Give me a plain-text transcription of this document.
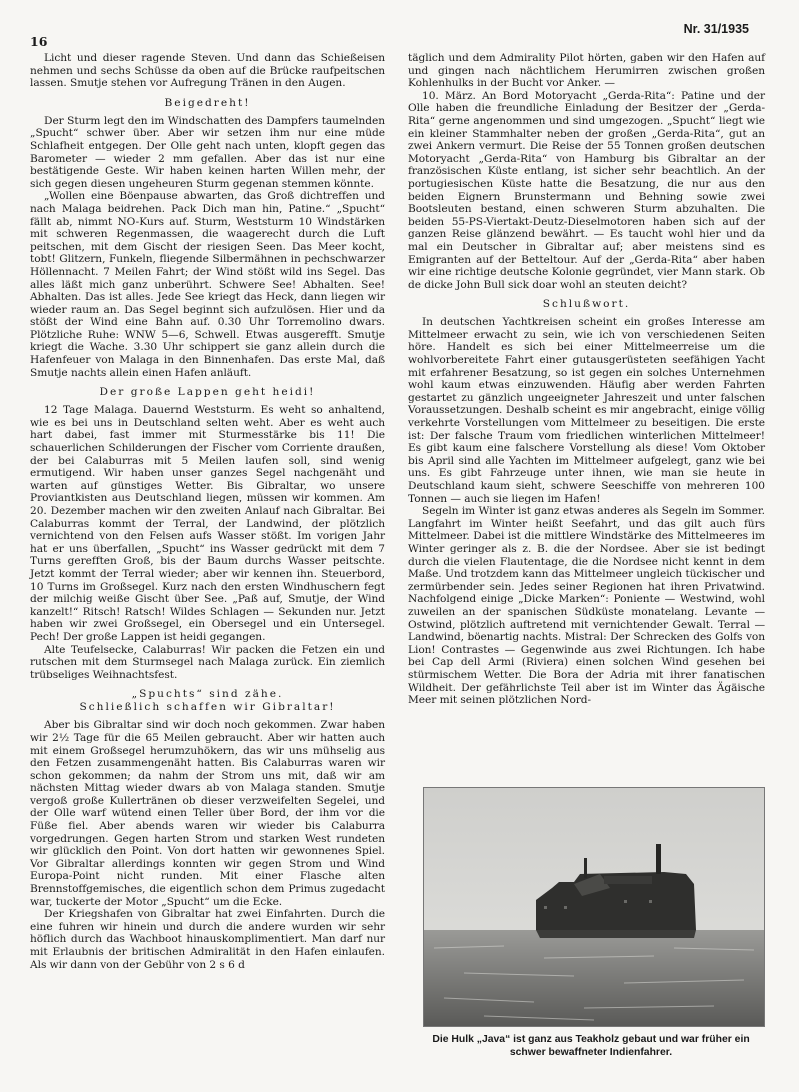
16
Nr. 31/1935

Licht und dieser ragende Steven. Und dann das Schießeisen nehmen und sechs Schüsse da oben auf die Brücke raufpeitschen lassen. Smutje stehen vor Aufregung Tränen in den Augen.

Beigedreht!

Der Sturm legt den im Windschatten des Dampfers taumelnden „Spucht“ schwer über. Aber wir setzen ihm nur eine müde Schlafheit entgegen. Der Olle geht nach unten, klopft gegen das Barometer — wieder 2 mm gefallen. Aber das ist nur eine bestätigende Geste. Wir haben keinen harten Willen mehr, der sich gegen diesen ungeheuren Sturm gegenan stemmen könnte.

„Wollen eine Böenpause abwarten, das Groß dichtreffen und nach Malaga beidrehen. Pack Dich man hin, Patine.“ „Spucht“ fällt ab, nimmt NO-Kurs auf. Sturm, Weststurm 10 Windstärken mit schweren Regenmassen, die waagerecht durch die Luft peitschen, mit dem Gischt der riesigen Seen. Das Meer kocht, tobt! Glitzern, Funkeln, fliegende Silbermähnen in pechschwarzer Höllennacht. 7 Meilen Fahrt; der Wind stößt wild ins Segel. Das alles läßt mich ganz unberührt. Schwere See! Abhalten. See! Abhalten. Das ist alles. Jede See kriegt das Heck, dann liegen wir wieder raum an. Das Segel beginnt sich aufzulösen. Hier und da stößt der Wind eine Bahn auf. 0.30 Uhr Torremolino dwars. Plötzliche Ruhe: WNW 5—6, Schwell. Etwas ausgerefft. Smutje kriegt die Wache. 3.30 Uhr schippert sie ganz allein durch die Hafenfeuer von Malaga in den Binnenhafen. Das erste Mal, daß Smutje nachts allein einen Hafen anläuft.

Der große Lappen geht heidi!

12 Tage Malaga. Dauernd Weststurm. Es weht so anhaltend, wie es bei uns in Deutschland selten weht. Aber es weht auch hart dabei, fast immer mit Sturmesstärke bis 11! Die schauerlichen Schilderungen der Fischer vom Corriente draußen, der bei Calaburras mit 5 Meilen laufen soll, sind wenig ermutigend. Wir haben unser ganzes Segel nachgenäht und warten auf günstiges Wetter. Bis Gibraltar, wo unsere Proviantkisten aus Deutschland liegen, müssen wir kommen. Am 20. Dezember machen wir den zweiten Anlauf nach Gibraltar. Bei Calaburras kommt der Terral, der Landwind, der plötzlich vernichtend von den Felsen aufs Wasser stößt. Im vorigen Jahr hat er uns überfallen, „Spucht“ ins Wasser gedrückt mit dem 7 Turns gerefften Groß, bis der Baum durchs Wasser peitschte. Jetzt kommt der Terral wieder; aber wir kennen ihn. Steuerbord, 10 Turns im Großsegel. Kurz nach den ersten Windhuschern fegt der milchig weiße Gischt über See. „Paß auf, Smutje, der Wind kanzelt!“ Ritsch! Ratsch! Wildes Schlagen — Sekunden nur. Jetzt haben wir zwei Großsegel, ein Obersegel und ein Untersegel. Pech! Der große Lappen ist heidi gegangen.

Alte Teufelsecke, Calaburras! Wir packen die Fetzen ein und rutschen mit dem Sturmsegel nach Malaga zurück. Ein ziemlich trübseliges Weihnachtsfest.

„Spuchts“ sind zähe.
Schließlich schaffen wir Gibraltar!

Aber bis Gibraltar sind wir doch noch gekommen. Zwar haben wir 2½ Tage für die 65 Meilen gebraucht. Aber wir hatten auch mit einem Großsegel herumzuhökern, das wir uns mühselig aus den Fetzen zusammengenäht hatten. Bis Calaburras waren wir schon gekommen; da nahm der Strom uns mit, daß wir am nächsten Mittag wieder dwars ab von Malaga standen. Smutje vergoß große Kullertränen ob dieser verzweifelten Segelei, und der Olle warf wütend einen Teller über Bord, der ihm vor die Füße fiel. Aber abends waren wir wieder bis Calaburra vorgedrungen. Gegen harten Strom und starken West rundeten wir glücklich den Point. Von dort hatten wir gewonnenes Spiel. Vor Gibraltar allerdings konnten wir gegen Strom und Wind Europa-Point nicht runden. Mit einer Flasche alten Brennstoffgemisches, die eigentlich schon dem Primus zugedacht war, tuckerte der Motor „Spucht“ um die Ecke.

Der Kriegshafen von Gibraltar hat zwei Einfahrten. Durch die eine fuhren wir hinein und durch die andere wurden wir sehr höflich durch das Wachboot hinauskomplimentiert. Man darf nur mit Erlaubnis der britischen Admiralität in den Hafen einlaufen. Als wir dann von der Gebühr von 2 s 6 d

täglich und dem Admirality Pilot hörten, gaben wir den Hafen auf und gingen nach nächtlichem Herumirren zwischen großen Kohlenhulks in der Bucht vor Anker. —

10. März. An Bord Motoryacht „Gerda-Rita“: Patine und der Olle haben die freundliche Einladung der Besitzer der „Gerda-Rita“ gerne angenommen und sind umgezogen. „Spucht“ liegt wie ein kleiner Stammhalter neben der großen „Gerda-Rita“, gut an zwei Ankern vermurt. Die Reise der 55 Tonnen großen deutschen Motoryacht „Gerda-Rita“ von Hamburg bis Gibraltar an der französischen Küste entlang, ist sicher sehr beachtlich. An der portugiesischen Küste hatte die Besatzung, die nur aus den beiden Eignern Brunstermann und Behning sowie zwei Bootsleuten bestand, einen schweren Sturm abzuhalten. Die beiden 55-PS-Viertakt-Deutz-Dieselmotoren haben sich auf der ganzen Reise glänzend bewährt. — Es taucht wohl hier und da mal ein Deutscher in Gibraltar auf; aber meistens sind es Emigranten auf der Betteltour. Auf der „Gerda-Rita“ aber haben wir eine richtige deutsche Kolonie gegründet, vier Mann stark. Ob de dicke John Bull sick doar wohl an steuten deicht?

Schlußwort.

In deutschen Yachtkreisen scheint ein großes Interesse am Mittelmeer erwacht zu sein, wie ich von verschiedenen Seiten höre. Handelt es sich bei einer Mittelmeerreise um die wohlvorbereitete Fahrt einer gutausgerüsteten seefähigen Yacht mit erfahrener Besatzung, so ist gegen ein solches Unternehmen wohl kaum etwas einzuwenden. Häufig aber werden Fahrten gestartet zu gänzlich ungeeigneter Jahreszeit und unter falschen Voraussetzungen. Deshalb scheint es mir angebracht, einige völlig verkehrte Vorstellungen vom Mittelmeer zu beseitigen. Die erste ist: Der falsche Traum vom friedlichen winterlichen Mittelmeer! Es gibt kaum eine falschere Vorstellung als diese! Vom Oktober bis April sind alle Yachten im Mittelmeer aufgelegt, ganz wie bei uns. Es gibt Fahrzeuge unter ihnen, wie man sie heute in Deutschland kaum sieht, schwere Seeschiffe von mehreren 100 Tonnen — auch sie liegen im Hafen!

Segeln im Winter ist ganz etwas anderes als Segeln im Sommer. Langfahrt im Winter heißt Seefahrt, und das gilt auch fürs Mittelmeer. Dabei ist die mittlere Windstärke des Mittelmeeres im Winter geringer als z. B. die der Nordsee. Aber sie ist bedingt durch die vielen Flautentage, die die Nordsee nicht kennt in dem Maße. Und trotzdem kann das Mittelmeer ungleich tückischer und zermürbender sein. Jedes seiner Regionen hat ihren Privatwind. Nachfolgend einige „Dicke Marken“: Poniente — Westwind, wohl zuweilen an der spanischen Südküste monatelang. Levante — Ostwind, plötzlich auftretend mit vernichtender Gewalt. Terral — Landwind, böenartig nachts. Mistral: Der Schrecken des Golfs von Lion! Contrastes — Gegenwinde aus zwei Richtungen. Ich habe bei Cap dell Armi (Riviera) einen solchen Wind gesehen bei stürmischem Wetter. Die Bora der Adria mit ihrer fanatischen Wildheit. Der gefährlichste Teil aber ist im Winter das Ägäische Meer mit seinen plötzlichen Nord-

Die Hulk „Java“ ist ganz aus Teakholz gebaut und war früher ein schwer bewaffneter Indienfahrer.
